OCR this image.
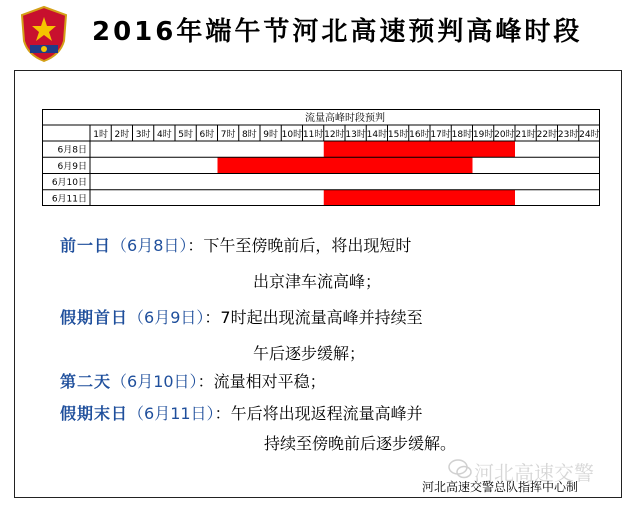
2016年端午节河北高速预判高峰时段
流量高峰时段预判
1时 2时 3时 4时 5时 6时 7时 8时 9时 10时 11时 12时 13时 14时 15时 16时 17时 18时 19时 20时 21时 22时 23时 24时
6月8日
6月9日
6月10日
6月11日
前一日（6月8日）：下午至傍晚前后，将出现短时
出京津车流高峰；
假期首日（6月9日）：7时起出现流量高峰并持续至
午后逐步缓解；
第二天（6月10日）：流量相对平稳；
假期末日（6月11日）：午后将出现返程流量高峰并
持续至傍晚前后逐步缓解。
河北高速交警
河北高速交警总队指挥中心制
